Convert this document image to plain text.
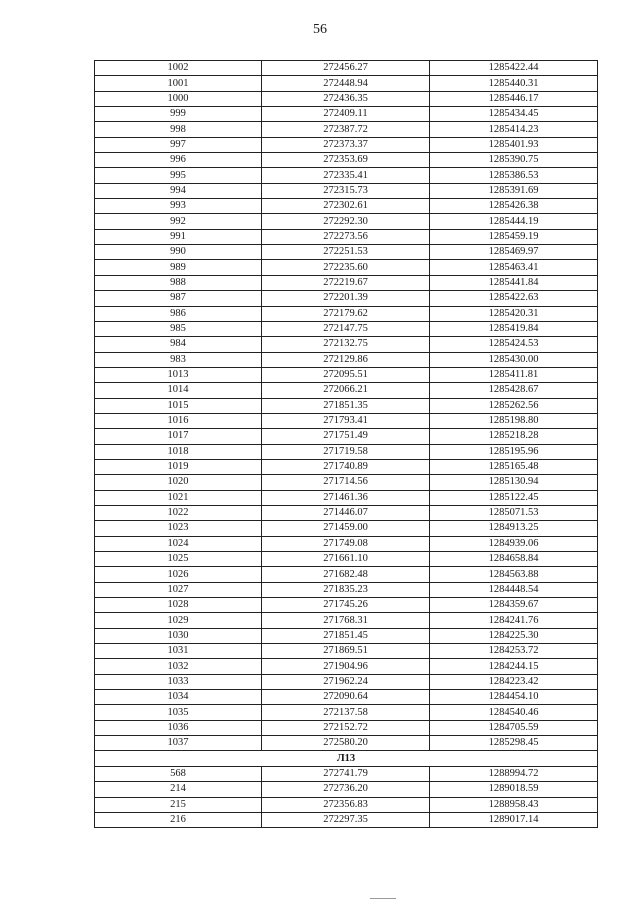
56
1002	272456.27	1285422.44
1001	272448.94	1285440.31
1000	272436.35	1285446.17
999	272409.11	1285434.45
998	272387.72	1285414.23
997	272373.37	1285401.93
996	272353.69	1285390.75
995	272335.41	1285386.53
994	272315.73	1285391.69
993	272302.61	1285426.38
992	272292.30	1285444.19
991	272273.56	1285459.19
990	272251.53	1285469.97
989	272235.60	1285463.41
988	272219.67	1285441.84
987	272201.39	1285422.63
986	272179.62	1285420.31
985	272147.75	1285419.84
984	272132.75	1285424.53
983	272129.86	1285430.00
1013	272095.51	1285411.81
1014	272066.21	1285428.67
1015	271851.35	1285262.56
1016	271793.41	1285198.80
1017	271751.49	1285218.28
1018	271719.58	1285195.96
1019	271740.89	1285165.48
1020	271714.56	1285130.94
1021	271461.36	1285122.45
1022	271446.07	1285071.53
1023	271459.00	1284913.25
1024	271749.08	1284939.06
1025	271661.10	1284658.84
1026	271682.48	1284563.88
1027	271835.23	1284448.54
1028	271745.26	1284359.67
1029	271768.31	1284241.76
1030	271851.45	1284225.30
1031	271869.51	1284253.72
1032	271904.96	1284244.15
1033	271962.24	1284223.42
1034	272090.64	1284454.10
1035	272137.58	1284540.46
1036	272152.72	1284705.59
1037	272580.20	1285298.45
Л13		
568	272741.79	1288994.72
214	272736.20	1289018.59
215	272356.83	1288958.43
216	272297.35	1289017.14
